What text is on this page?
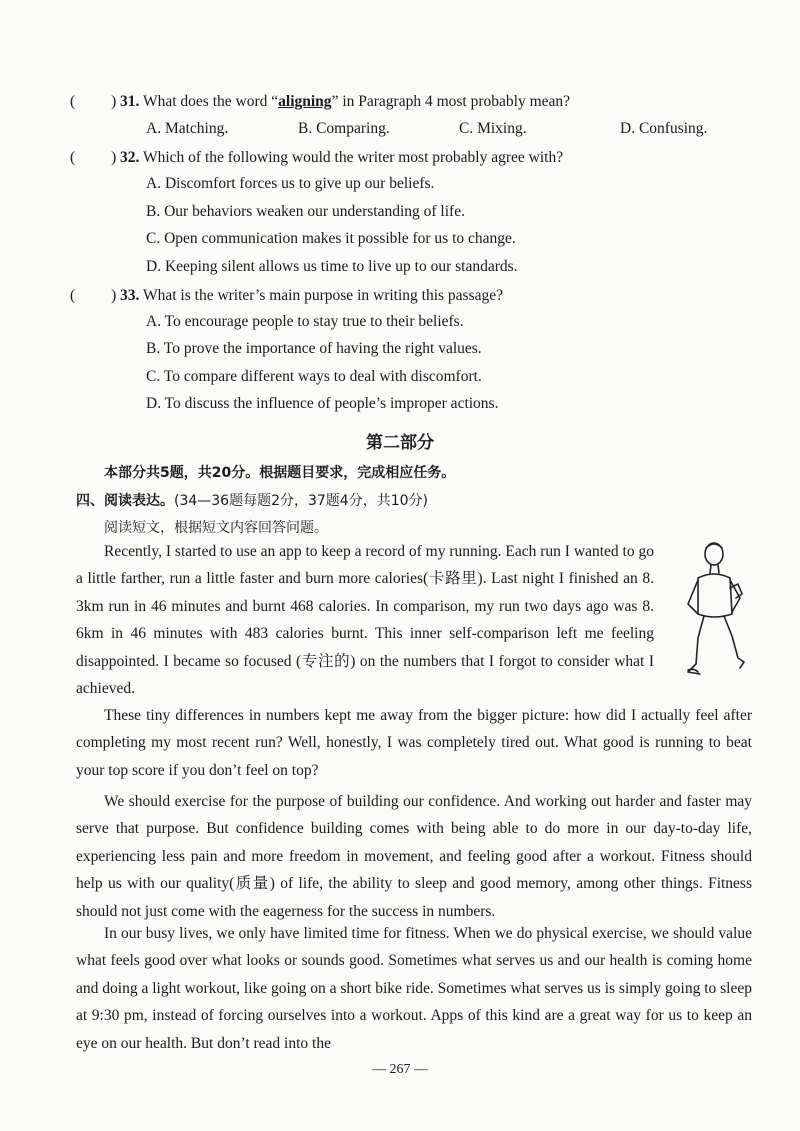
( ) 31. What does the word “aligning” in Paragraph 4 most probably mean?
A. Matching.	B. Comparing.	C. Mixing.	D. Confusing.
( ) 32. Which of the following would the writer most probably agree with?
A. Discomfort forces us to give up our beliefs.
B. Our behaviors weaken our understanding of life.
C. Open communication makes it possible for us to change.
D. Keeping silent allows us time to live up to our standards.
( ) 33. What is the writer’s main purpose in writing this passage?
A. To encourage people to stay true to their beliefs.
B. To prove the importance of having the right values.
C. To compare different ways to deal with discomfort.
D. To discuss the influence of people’s improper actions.
第二部分
本部分共5题，共20分。根据题目要求，完成相应任务。
四、阅读表达。(34—36题每题2分，37题4分，共10分)
阅读短文，根据短文内容回答问题。

Recently, I started to use an app to keep a record of my running. Each run I wanted to go a little farther, run a little faster and burn more calories(卡路里). Last night I finished an 8. 3km run in 46 minutes and burnt 468 calories. In comparison, my run two days ago was 8. 6km in 46 minutes with 483 calories burnt. This inner self-comparison left me feeling disappointed. I became so focused (专注的) on the numbers that I forgot to consider what I achieved.

These tiny differences in numbers kept me away from the bigger picture: how did I actually feel after completing my most recent run? Well, honestly, I was completely tired out. What good is running to beat your top score if you don’t feel on top?

We should exercise for the purpose of building our confidence. And working out harder and faster may serve that purpose. But confidence building comes with being able to do more in our day-to-day life, experiencing less pain and more freedom in movement, and feeling good after a workout. Fitness should help us with our quality(质量) of life, the ability to sleep and good memory, among other things. Fitness should not just come with the eagerness for the success in numbers.

In our busy lives, we only have limited time for fitness. When we do physical exercise, we should value what feels good over what looks or sounds good. Sometimes what serves us and our health is coming home and doing a light workout, like going on a short bike ride. Sometimes what serves us is simply going to sleep at 9:30 pm, instead of forcing ourselves into a workout. Apps of this kind are a great way for us to keep an eye on our health. But don’t read into the

— 267 —
